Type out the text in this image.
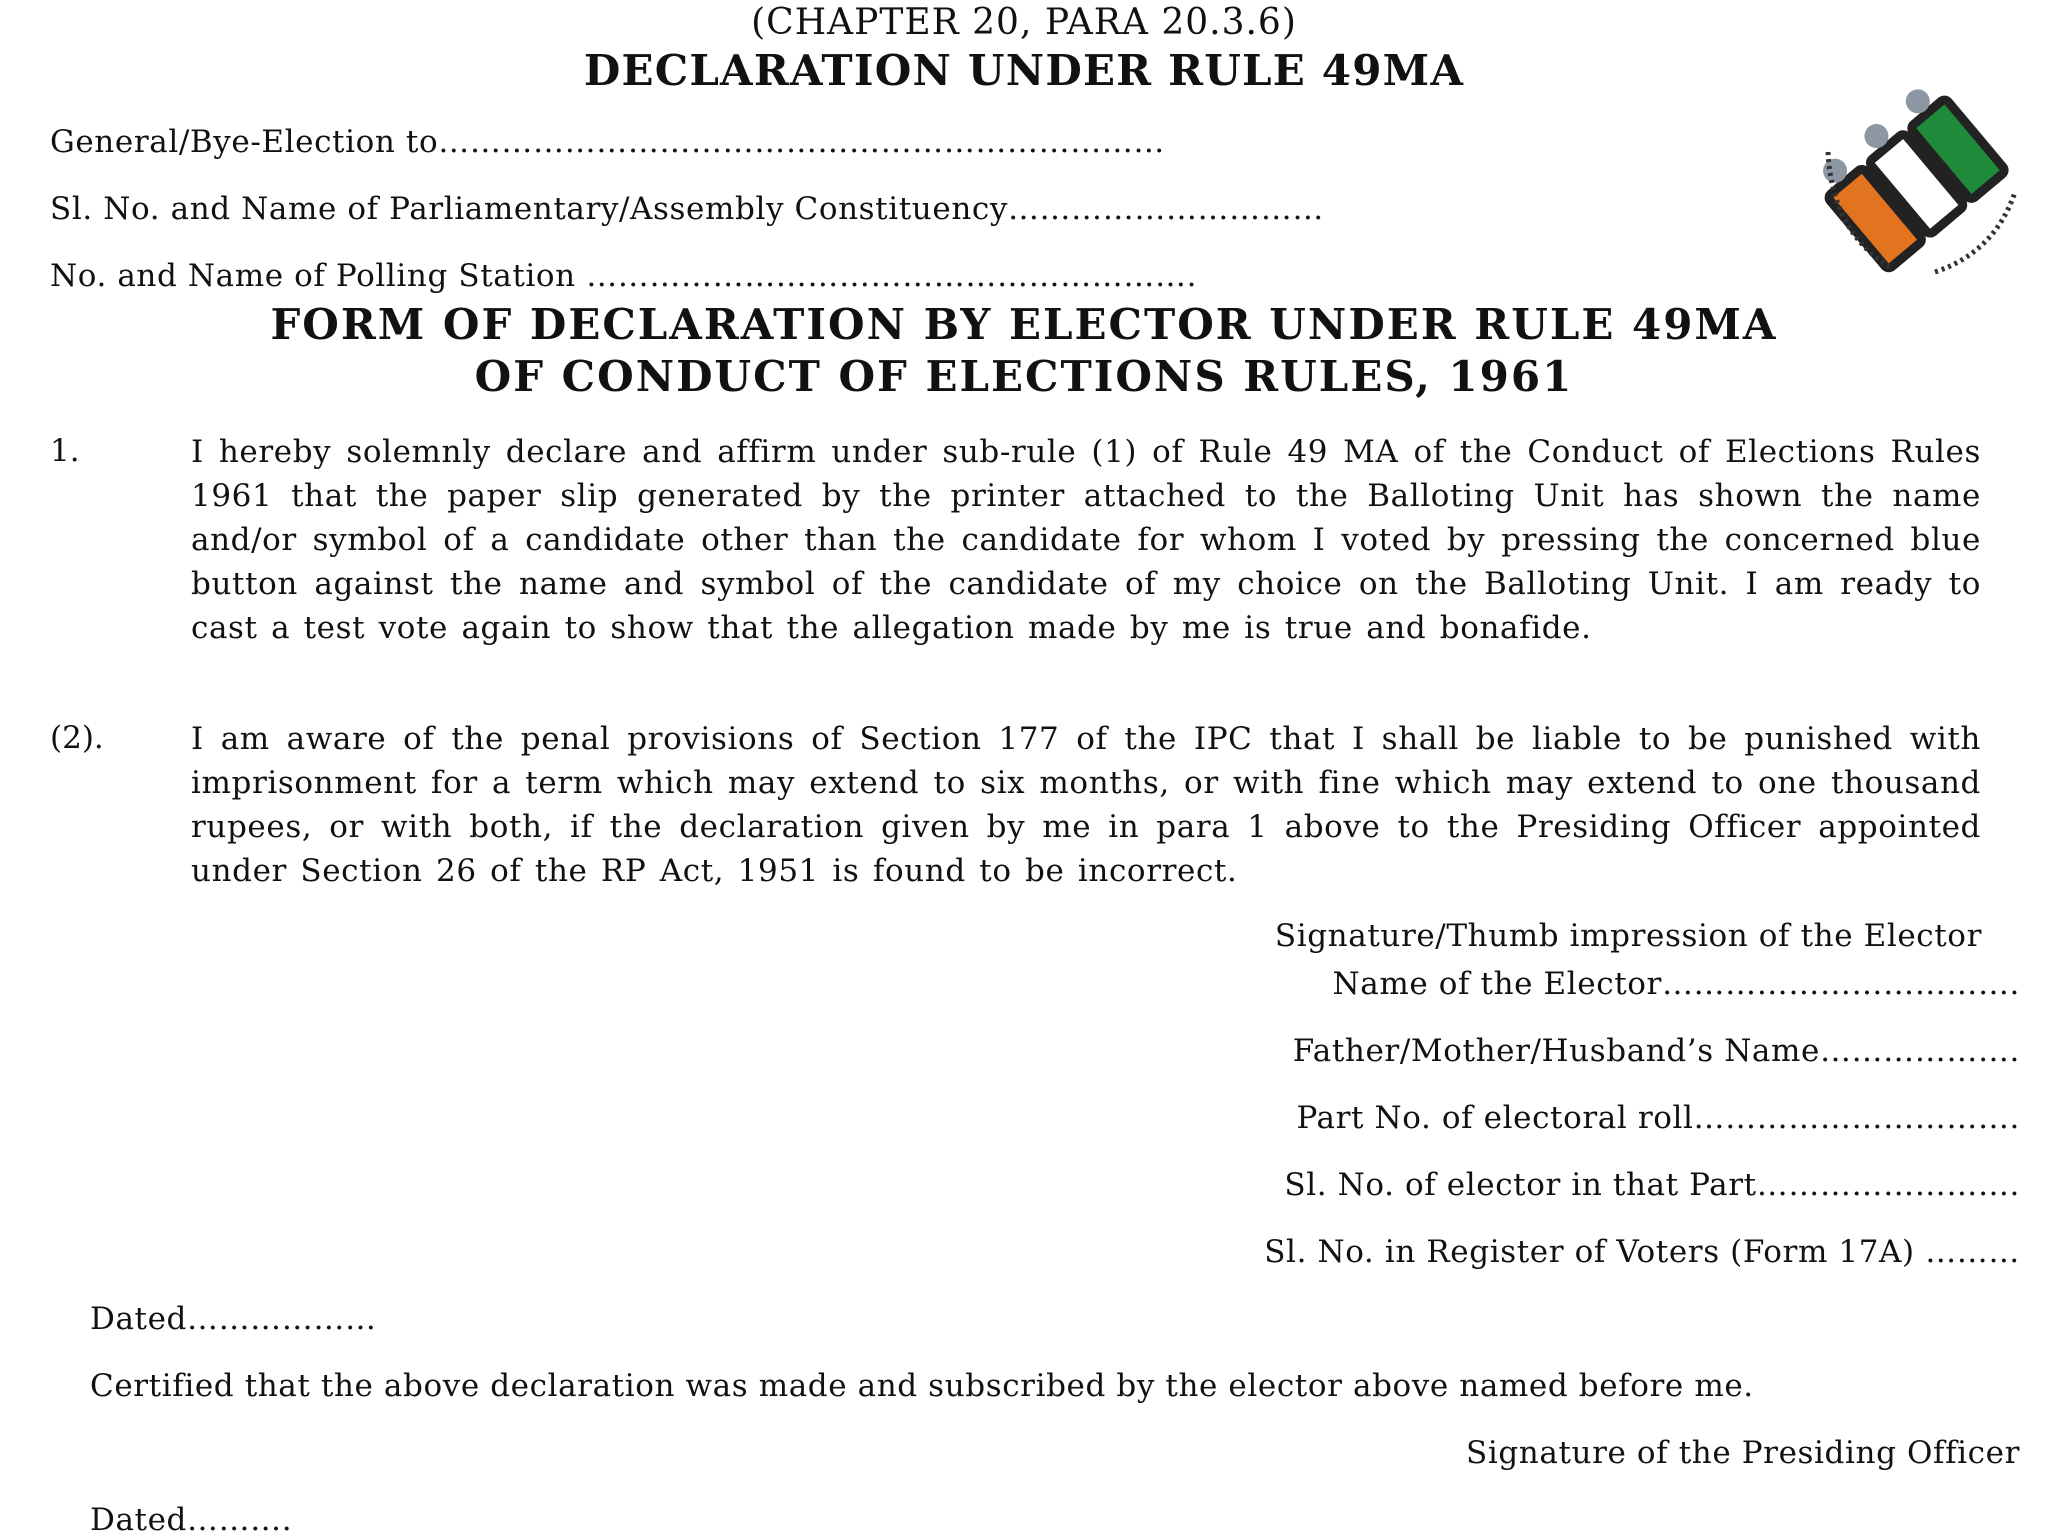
(CHAPTER 20, PARA 20.3.6)
DECLARATION UNDER RULE 49MA
General/Bye-Election to……………………………………………………………
Sl. No. and Name of Parliamentary/Assembly Constituency…………………………
No. and Name of Polling Station ………………………………………………….
FORM OF DECLARATION BY ELECTOR UNDER RULE 49MA
OF CONDUCT OF ELECTIONS RULES, 1961
1.	I hereby solemnly declare and affirm under sub-rule (1) of Rule 49 MA of the Conduct of Elections Rules 1961 that the paper slip generated by the printer attached to the Balloting Unit has shown the name and/or symbol of a candidate other than the candidate for whom I voted by pressing the concerned blue button against the name and symbol of the candidate of my choice on the Balloting Unit. I am ready to cast a test vote again to show that the allegation made by me is true and bonafide.
(2).	I am aware of the penal provisions of Section 177 of the IPC that I shall be liable to be punished with imprisonment for a term which may extend to six months, or with fine which may extend to one thousand rupees, or with both, if the declaration given by me in para 1 above to the Presiding Officer appointed under Section 26 of the RP Act, 1951 is found to be incorrect.
Signature/Thumb impression of the Elector
Name of the Elector…………………………….
Father/Mother/Husband’s Name……………….
Part No. of electoral roll………………………….
Sl. No. of elector in that Part…………………….
Sl. No. in Register of Voters (Form 17A) ………
Dated………………
Certified that the above declaration was made and subscribed by the elector above named before me.
Signature of the Presiding Officer
Dated……….
